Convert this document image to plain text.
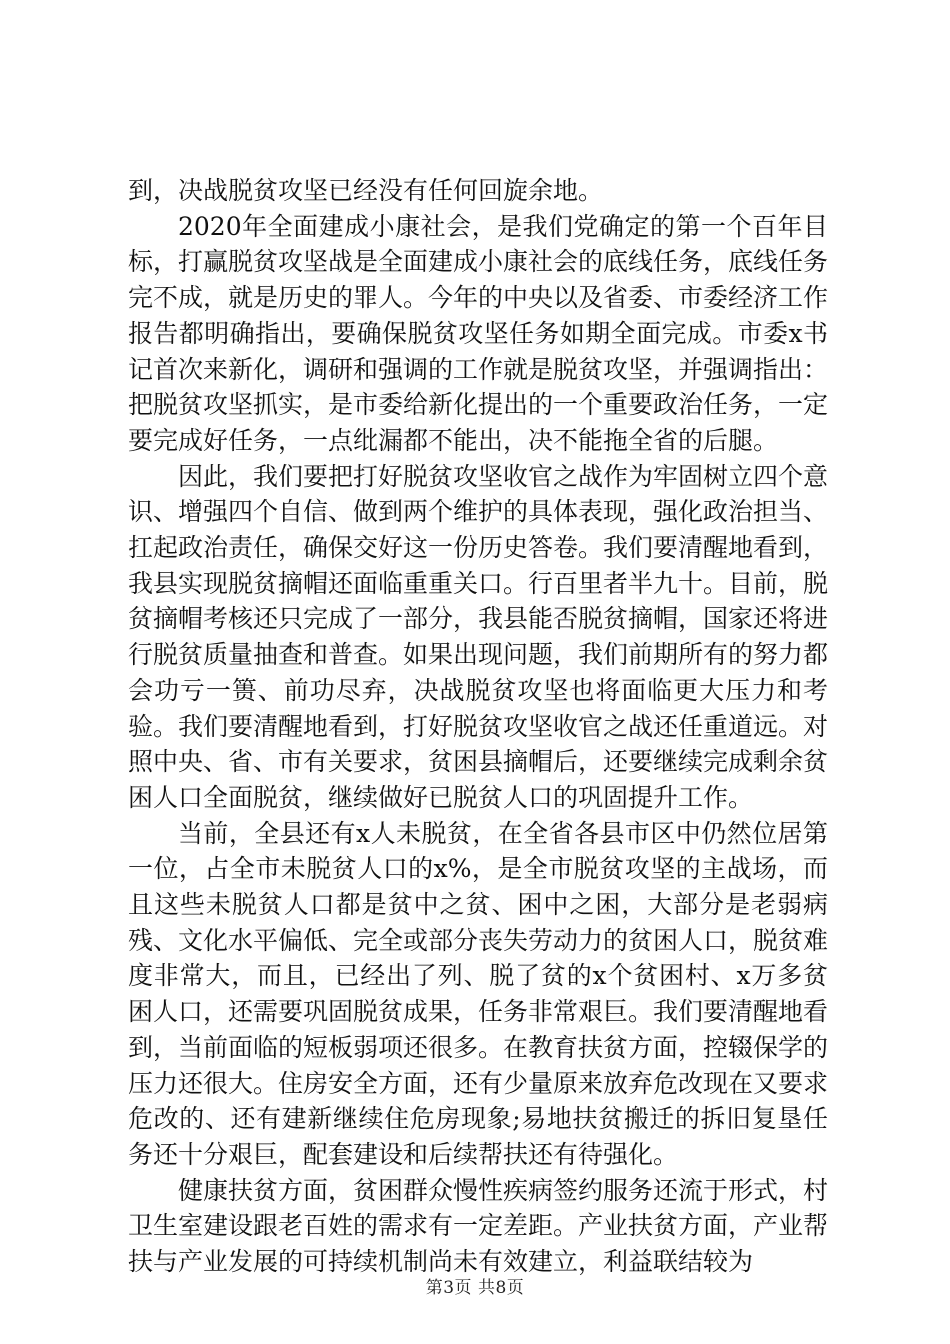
到，决战脱贫攻坚已经没有任何回旋余地。

2020年全面建成小康社会，是我们党确定的第一个百年目标，打赢脱贫攻坚战是全面建成小康社会的底线任务，底线任务完不成，就是历史的罪人。今年的中央以及省委、市委经济工作报告都明确指出，要确保脱贫攻坚任务如期全面完成。市委x书记首次来新化，调研和强调的工作就是脱贫攻坚，并强调指出：把脱贫攻坚抓实，是市委给新化提出的一个重要政治任务，一定要完成好任务，一点纰漏都不能出，决不能拖全省的后腿。

因此，我们要把打好脱贫攻坚收官之战作为牢固树立四个意识、增强四个自信、做到两个维护的具体表现，强化政治担当、扛起政治责任，确保交好这一份历史答卷。我们要清醒地看到，我县实现脱贫摘帽还面临重重关口。行百里者半九十。目前，脱贫摘帽考核还只完成了一部分，我县能否脱贫摘帽，国家还将进行脱贫质量抽查和普查。如果出现问题，我们前期所有的努力都会功亏一篑、前功尽弃，决战脱贫攻坚也将面临更大压力和考验。我们要清醒地看到，打好脱贫攻坚收官之战还任重道远。对照中央、省、市有关要求，贫困县摘帽后，还要继续完成剩余贫困人口全面脱贫，继续做好已脱贫人口的巩固提升工作。

当前，全县还有x人未脱贫，在全省各县市区中仍然位居第一位，占全市未脱贫人口的x%，是全市脱贫攻坚的主战场，而且这些未脱贫人口都是贫中之贫、困中之困，大部分是老弱病残、文化水平偏低、完全或部分丧失劳动力的贫困人口，脱贫难度非常大，而且，已经出了列、脱了贫的x个贫困村、x万多贫困人口，还需要巩固脱贫成果，任务非常艰巨。我们要清醒地看到，当前面临的短板弱项还很多。在教育扶贫方面，控辍保学的压力还很大。住房安全方面，还有少量原来放弃危改现在又要求危改的、还有建新继续住危房现象;易地扶贫搬迁的拆旧复垦任务还十分艰巨，配套建设和后续帮扶还有待强化。

健康扶贫方面，贫困群众慢性疾病签约服务还流于形式，村卫生室建设跟老百姓的需求有一定差距。产业扶贫方面，产业帮扶与产业发展的可持续机制尚未有效建立，利益联结较为

第3页 共8页
